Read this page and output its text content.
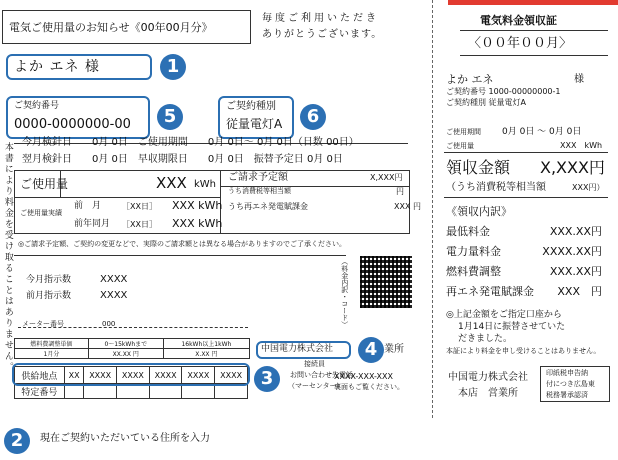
電気ご使用量のお知らせ《00年00月分》
毎度ご利用いただき
ありがとうございます。
よか エネ 様
ご契約番号
0000-0000000-00
ご契約種別
従量電灯A
本書により料金を受け取ることはありません。 今月検針日　　0月 0日　ご使用期間　　0月 0日～ 0月 0日（日数 00日）
翌月検針日　　0月 0日　早収期限日　　0月 0日　振替予定日 0月 0日
ご使用量	XXX kWh
ご請求予定額	X,XXX円
うち消費税等相当額	円
ご使用量実績
前　月	［XX日］ XXX kWh
前年同月 ［XX日］ XXX kWh
うち再エネ発電賦課金	XXX 円
◎ご請求予定額、ご契約の変更などで、実際のご請求額とは異なる場合がありますのでご了承ください。
今月指示数	XXXX
前月指示数	XXXX
メーター番号	000	（料金内訳・コード）
燃料費調整単価	0～15kWhまで	16kWh以上1kWh
1月分	XX.XX 円	X.XX 円
供給地点	XX	XXXX	XXXX	XXXX	XXXX	XXXX
特定番号						
中国電力株式会社	業所
接続員
XXXX-XXX-XXX
お問い合わせ先電話
（マーセンター）
裏面もご覧ください。
電気料金領収証
〈００年００月〉
よか エネ	様
ご契約番号 1000-00000000-1
ご契約種別 従量電灯A
ご使用期間 0月 0日 ～ 0月 0日
ご使用量	XXX　kWh
領収金額 X,XXX円
（うち消費税等相当額	XXX円）
《領収内訳》
最低料金	XXX.XX円
電力量料金	XXXX.XX円
燃料費調整	XXX.XX円
再エネ発電賦課金 XXX　円
◎上記金額をご指定口座から
1月14日に振替させていた
だきました。
本証により料金を申し受けることはありません。
中国電力株式会社
本店　営業所
印紙税申告納
付につき広島東
税務署承認済
1
5	6
3
4
2	現在ご契約いただいている住所を入力
